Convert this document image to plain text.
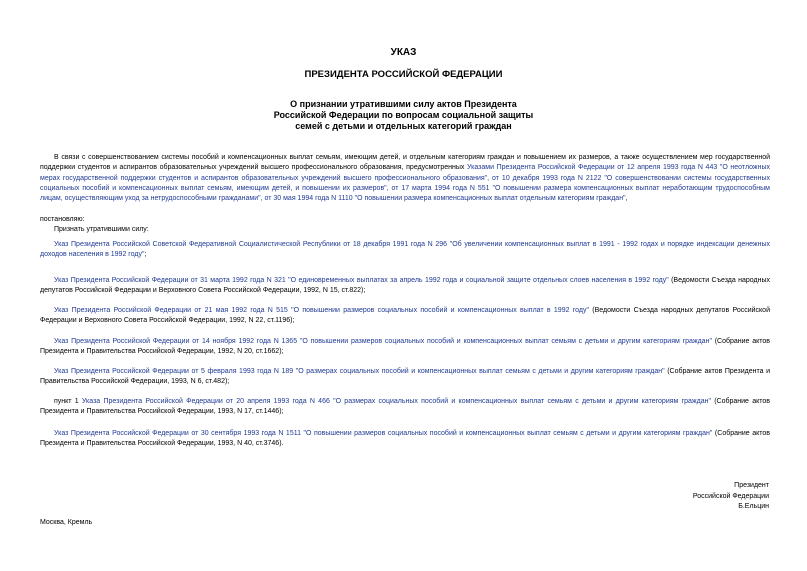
УКАЗ
ПРЕЗИДЕНТА РОССИЙСКОЙ ФЕДЕРАЦИИ
О признании утратившими силу актов Президента
Российской Федерации по вопросам социальной защиты
семей с детьми и отдельных категорий граждан
В связи с совершенствованием системы пособий и компенсационных выплат семьям, имеющим детей, и отдельным категориям граждан и повышением их размеров, а также осуществлением мер государственной поддержки студентов и аспирантов образовательных учреждений высшего профессионального образования, предусмотренных Указами Президента Российской Федерации от 12 апреля 1993 года N 443 "О неотложных мерах государственной поддержки студентов и аспирантов образовательных учреждений высшего профессионального образования", от 10 декабря 1993 года N 2122 "О совершенствовании системы государственных социальных пособий и компенсационных выплат семьям, имеющим детей, и повышении их размеров", от 17 марта 1994 года N 551 "О повышении размера компенсационных выплат неработающим трудоспособным лицам, осуществляющим уход за нетрудоспособными гражданами", от 30 мая 1994 года N 1110 "О повышении размера компенсационных выплат отдельным категориям граждан",
постановляю:
Признать утратившими силу:
Указ Президента Российской Советской Федеративной Социалистической Республики от 18 декабря 1991 года N 296 "Об увеличении компенсационных выплат в 1991 - 1992 годах и порядке индексации денежных доходов населения в 1992 году";
Указ Президента Российской Федерации от 31 марта 1992 года N 321 "О единовременных выплатах за апрель 1992 года и социальной защите отдельных слоев населения в 1992 году" (Ведомости Съезда народных депутатов Российской Федерации и Верховного Совета Российской Федерации, 1992, N 15, ст.822);
Указ Президента Российской Федерации от 21 мая 1992 года N 515 "О повышении размеров социальных пособий и компенсационных выплат в 1992 году" (Ведомости Съезда народных депутатов Российской Федерации и Верховного Совета Российской Федерации, 1992, N 22, ст.1196);
Указ Президента Российской Федерации от 14 ноября 1992 года N 1365 "О повышении размеров социальных пособий и компенсационных выплат семьям с детьми и другим категориям граждан" (Собрание актов Президента и Правительства Российской Федерации, 1992, N 20, ст.1662);
Указ Президента Российской Федерации от 5 февраля 1993 года N 189 "О размерах социальных пособий и компенсационных выплат семьям с детьми и другим категориям граждан" (Собрание актов Президента и Правительства Российской Федерации, 1993, N 6, ст.482);
пункт 1 Указа Президента Российской Федерации от 20 апреля 1993 года N 466 "О размерах социальных пособий и компенсационных выплат семьям с детьми и другим категориям граждан" (Собрание актов Президента и Правительства Российской Федерации, 1993, N 17, ст.1446);
Указ Президента Российской Федерации от 30 сентября 1993 года N 1511 "О повышении размеров социальных пособий и компенсационных выплат семьям с детьми и другим категориям граждан" (Собрание актов Президента и Правительства Российской Федерации, 1993, N 40, ст.3746).
Президент
Российской Федерации
Б.Ельцин
Москва, Кремль
